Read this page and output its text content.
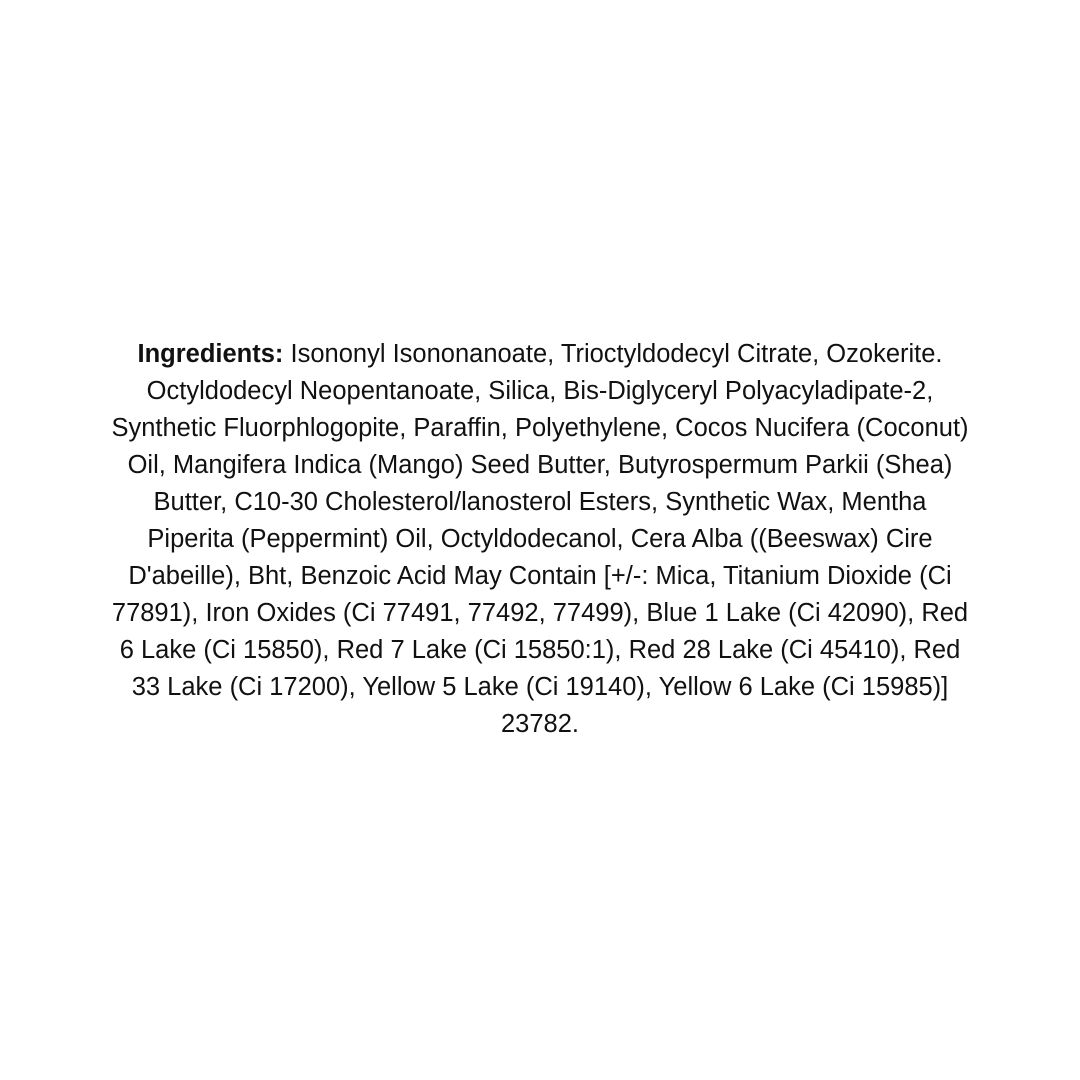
Ingredients: Isononyl Isononanoate, Trioctyldodecyl Citrate, Ozokerite. Octyldodecyl Neopentanoate, Silica, Bis-Diglyceryl Polyacyladipate-2, Synthetic Fluorphlogopite, Paraffin, Polyethylene, Cocos Nucifera (Coconut) Oil, Mangifera Indica (Mango) Seed Butter, Butyrospermum Parkii (Shea) Butter, C10-30 Cholesterol/lanosterol Esters, Synthetic Wax, Mentha Piperita (Peppermint) Oil, Octyldodecanol, Cera Alba ((Beeswax) Cire D'abeille), Bht, Benzoic Acid May Contain [+/-: Mica, Titanium Dioxide (Ci 77891), Iron Oxides (Ci 77491, 77492, 77499), Blue 1 Lake (Ci 42090), Red 6 Lake (Ci 15850), Red 7 Lake (Ci 15850:1), Red 28 Lake (Ci 45410), Red 33 Lake (Ci 17200), Yellow 5 Lake (Ci 19140), Yellow 6 Lake (Ci 15985)] 23782.
